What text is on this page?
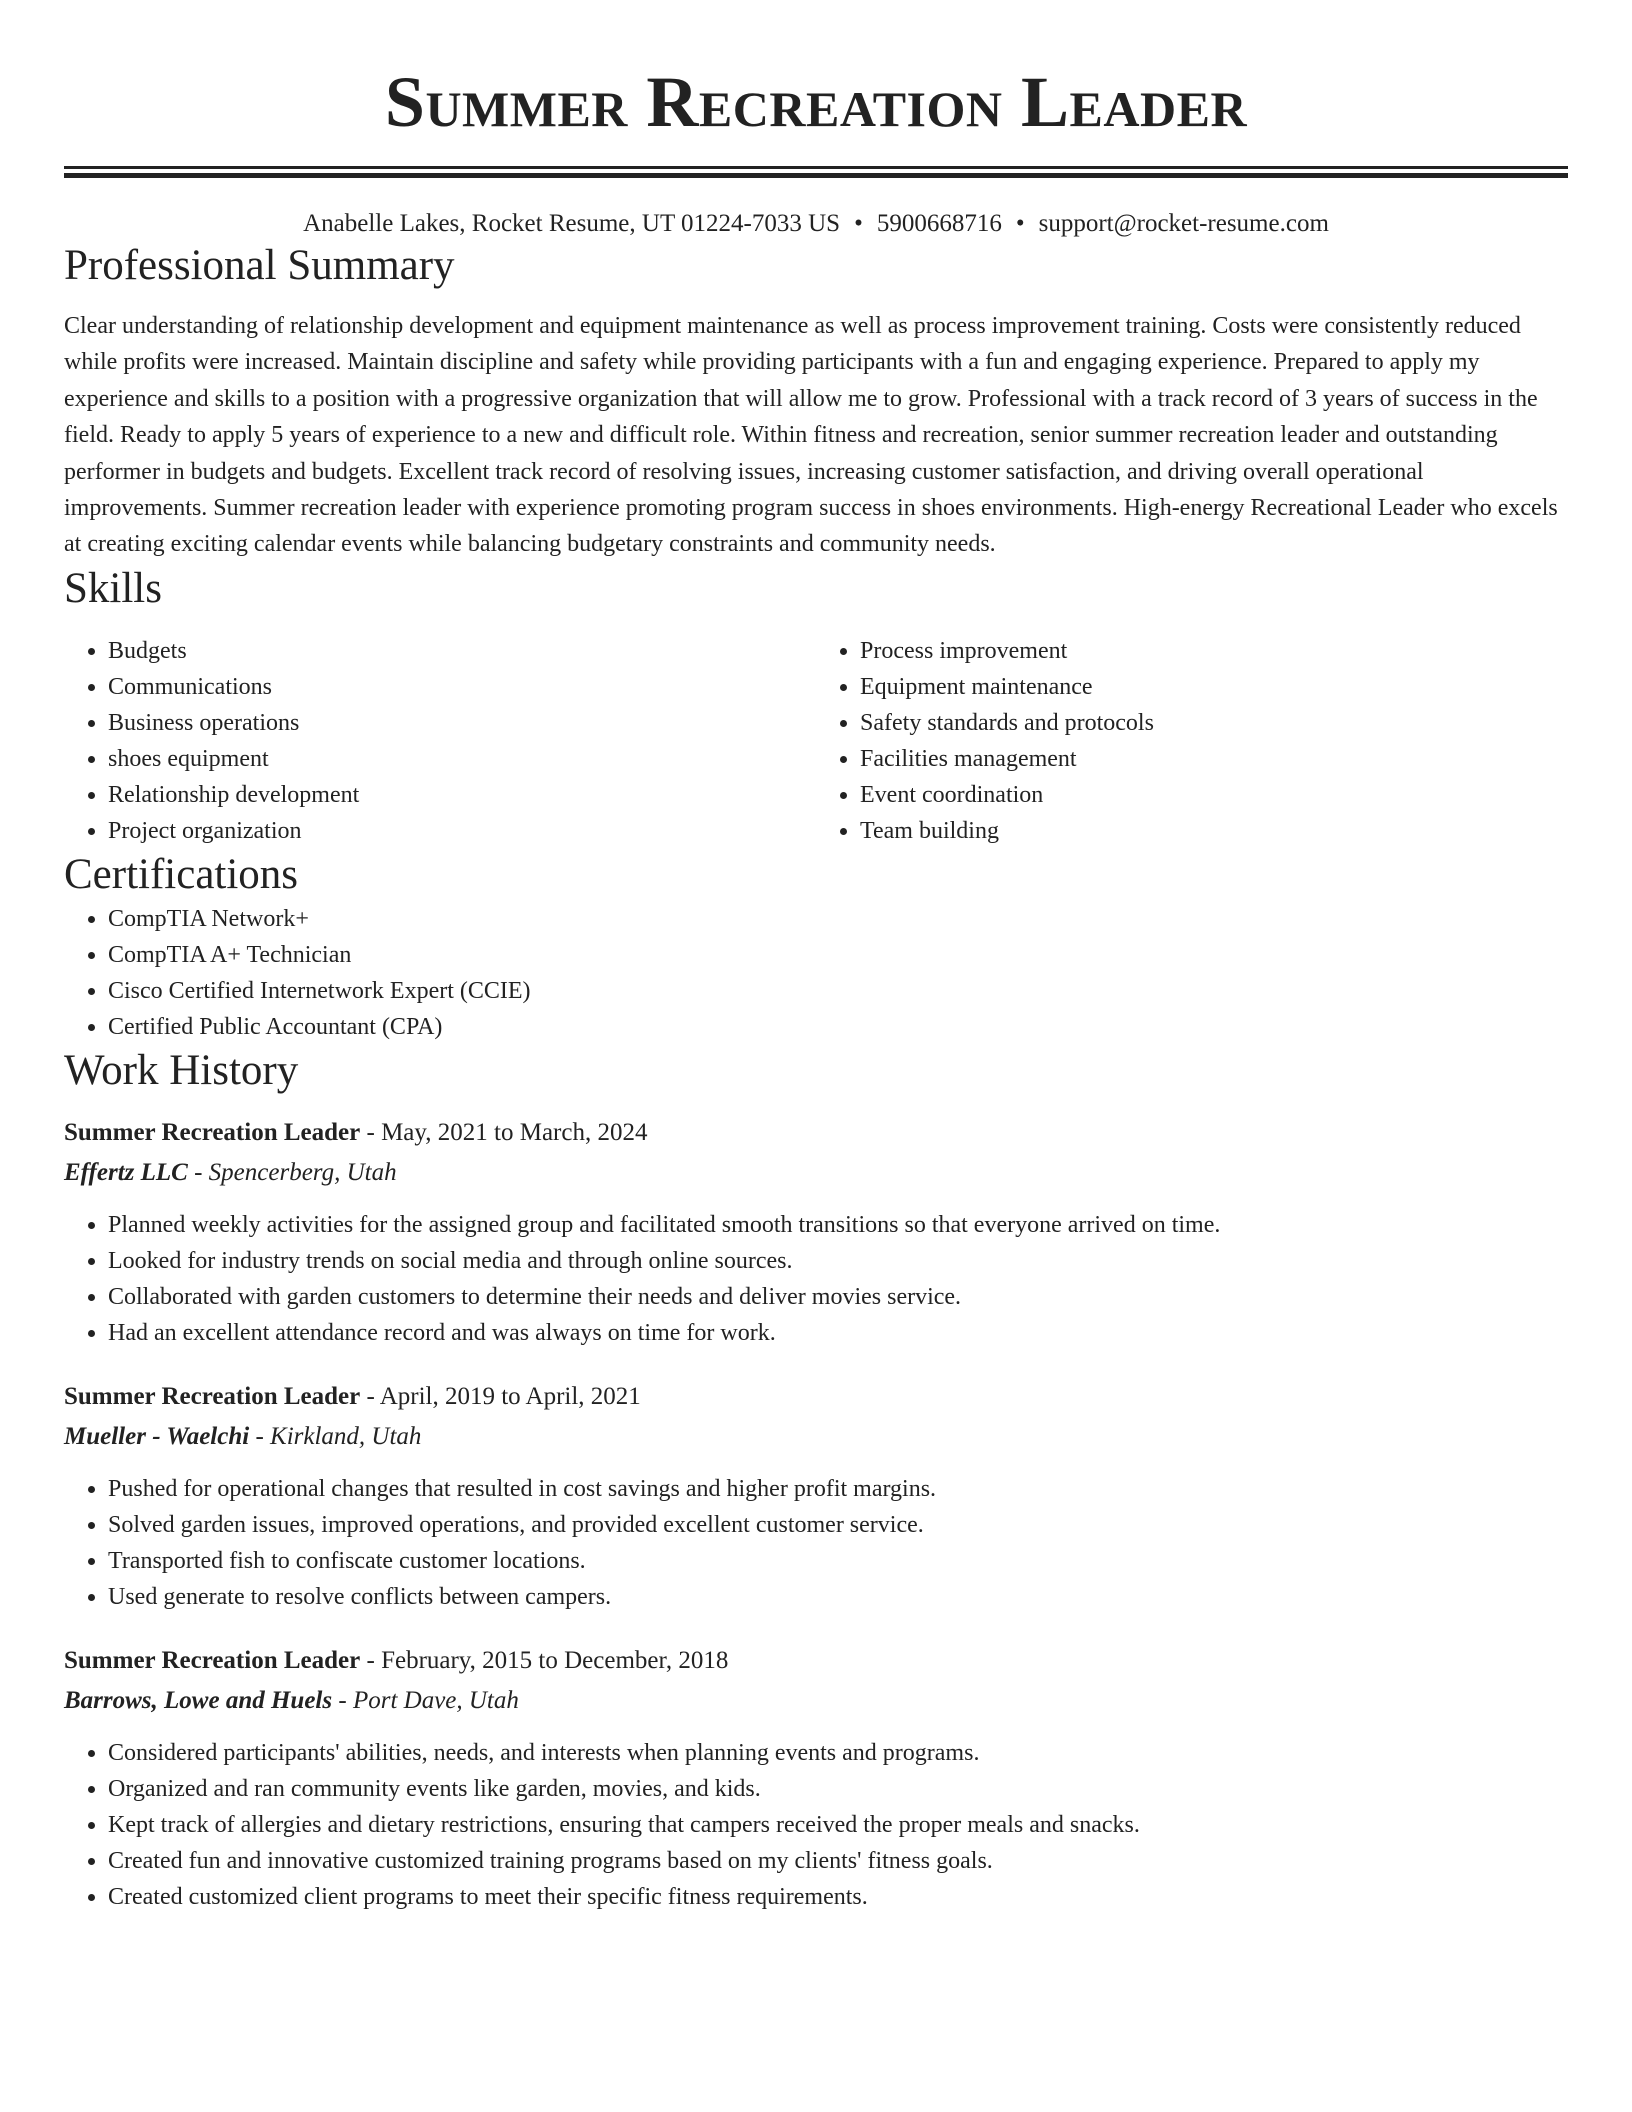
Summer Recreation Leader
Anabelle Lakes, Rocket Resume, UT 01224-7033 US • 5900668716 • support@rocket-resume.com
Professional Summary

Clear understanding of relationship development and equipment maintenance as well as process improvement training. Costs were consistently reduced while profits were increased. Maintain discipline and safety while providing participants with a fun and engaging experience. Prepared to apply my experience and skills to a position with a progressive organization that will allow me to grow. Professional with a track record of 3 years of success in the field. Ready to apply 5 years of experience to a new and difficult role. Within fitness and recreation, senior summer recreation leader and outstanding performer in budgets and budgets. Excellent track record of resolving issues, increasing customer satisfaction, and driving overall operational improvements. Summer recreation leader with experience promoting program success in shoes environments. High-energy Recreational Leader who excels at creating exciting calendar events while balancing budgetary constraints and community needs.

Skills
• Budgets
• Communications
• Business operations
• shoes equipment
• Relationship development
• Project organization
• Process improvement
• Equipment maintenance
• Safety standards and protocols
• Facilities management
• Event coordination
• Team building
Certifications
• CompTIA Network+
• CompTIA A+ Technician
• Cisco Certified Internetwork Expert (CCIE)
• Certified Public Accountant (CPA)
Work History
Summer Recreation Leader - May, 2021 to March, 2024
Effertz LLC - Spencerberg, Utah
• Planned weekly activities for the assigned group and facilitated smooth transitions so that everyone arrived on time.
• Looked for industry trends on social media and through online sources.
• Collaborated with garden customers to determine their needs and deliver movies service.
• Had an excellent attendance record and was always on time for work.
Summer Recreation Leader - April, 2019 to April, 2021
Mueller - Waelchi - Kirkland, Utah
• Pushed for operational changes that resulted in cost savings and higher profit margins.
• Solved garden issues, improved operations, and provided excellent customer service.
• Transported fish to confiscate customer locations.
• Used generate to resolve conflicts between campers.
Summer Recreation Leader - February, 2015 to December, 2018
Barrows, Lowe and Huels - Port Dave, Utah
• Considered participants' abilities, needs, and interests when planning events and programs.
• Organized and ran community events like garden, movies, and kids.
• Kept track of allergies and dietary restrictions, ensuring that campers received the proper meals and snacks.
• Created fun and innovative customized training programs based on my clients' fitness goals.
• Created customized client programs to meet their specific fitness requirements.
